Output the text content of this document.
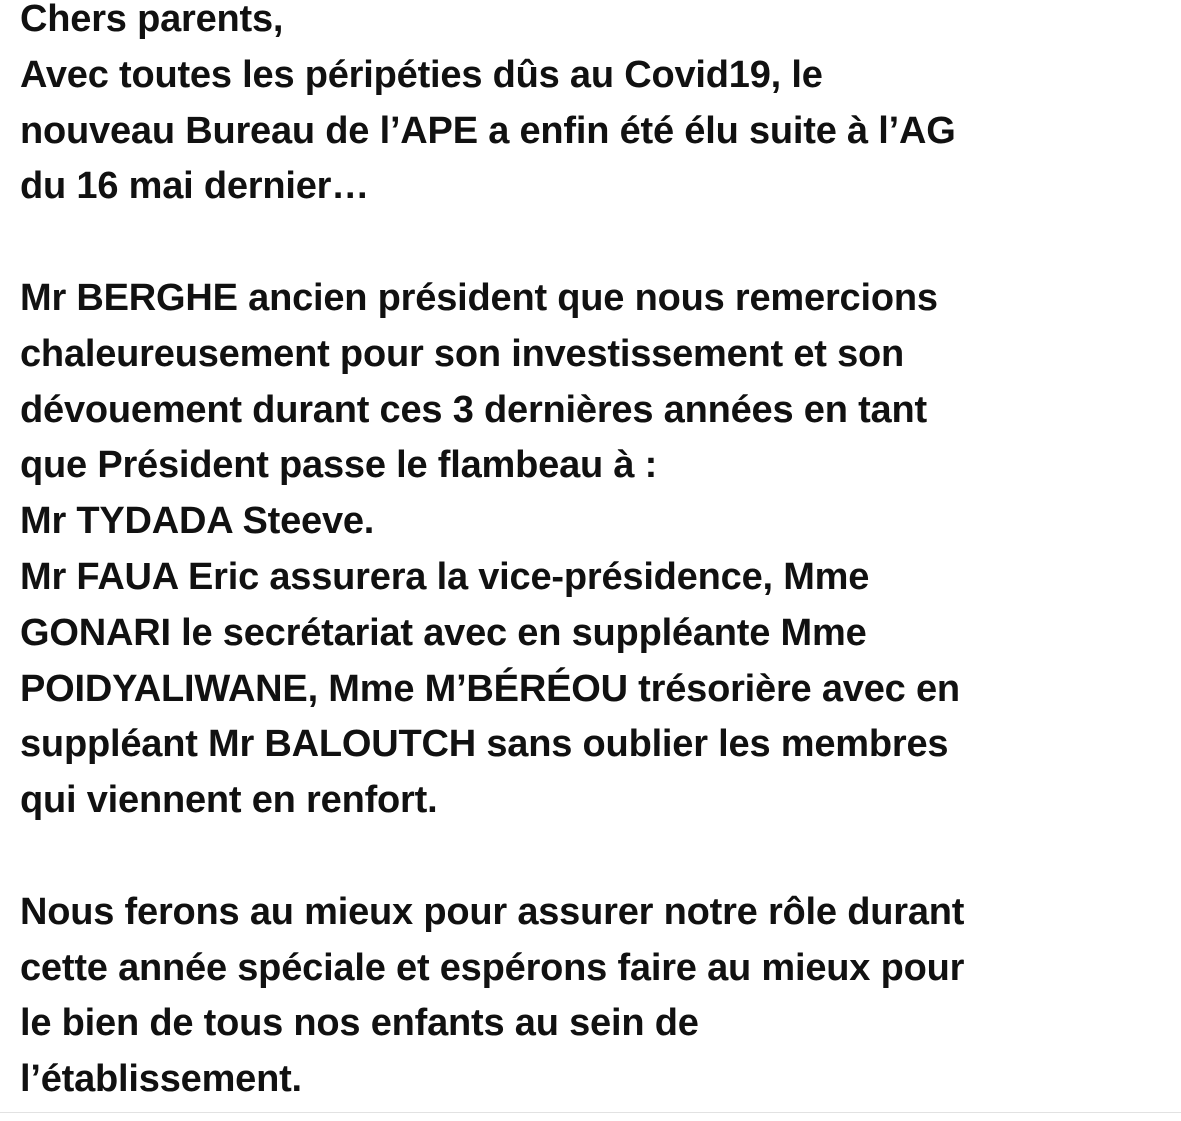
Chers parents,
Avec toutes les péripéties dûs au Covid19, le
nouveau Bureau de l’APE a enfin été élu suite à l’AG
du 16 mai dernier…
Mr BERGHE ancien président que nous remercions
chaleureusement pour son investissement et son
dévouement durant ces 3 dernières années en tant
que Président passe le flambeau à :
Mr TYDADA Steeve.
Mr FAUA Eric assurera la vice-présidence, Mme
GONARI le secrétariat avec en suppléante Mme
POIDYALIWANE, Mme M’BÉRÉOU trésorière avec en
suppléant Mr BALOUTCH sans oublier les membres
qui viennent en renfort.
Nous ferons au mieux pour assurer notre rôle durant
cette année spéciale et espérons faire au mieux pour
le bien de tous nos enfants au sein de
l’établissement.
